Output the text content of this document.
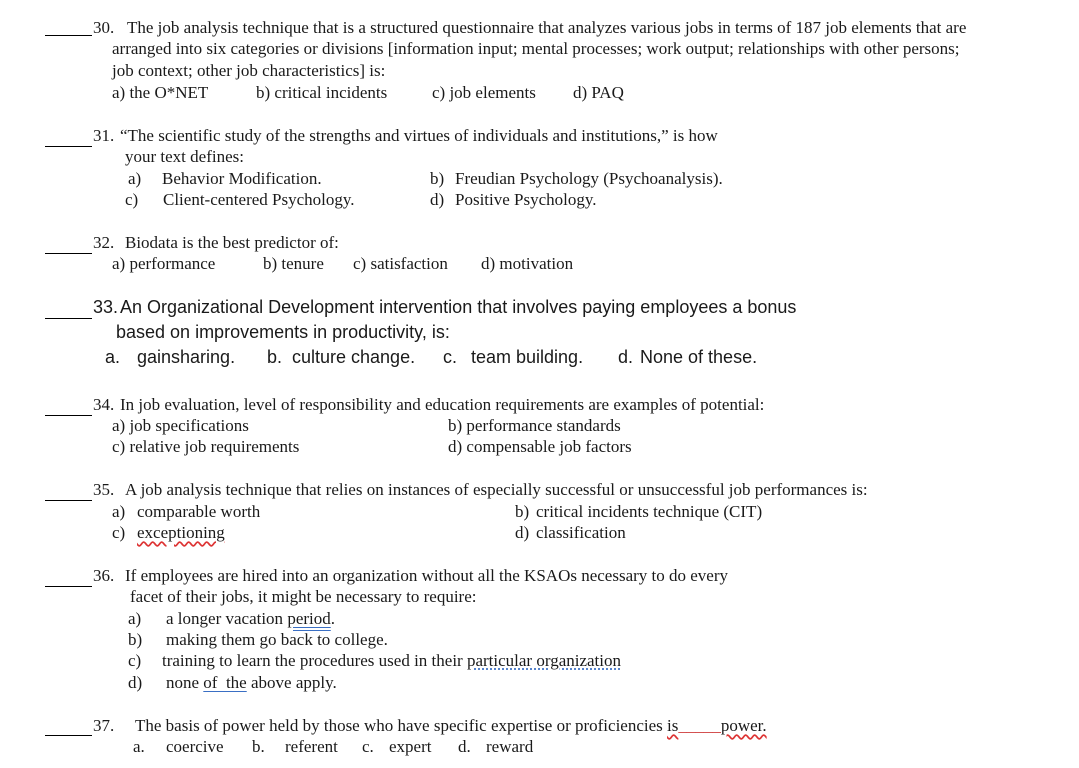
30. The job analysis technique that is a structured questionnaire that analyzes various jobs in terms of 187 job elements that are
arranged into six categories or divisions [information input; mental processes; work output; relationships with other persons;
job context; other job characteristics] is:
a) the O*NET	b) critical incidents	c) job elements d) PAQ
31. “The scientific study of the strengths and virtues of individuals and institutions,” is how
your text defines:
a) Behavior Modification.	b) Freudian Psychology (Psychoanalysis).
c) Client-centered Psychology.	d) Positive Psychology.
32. Biodata is the best predictor of:
a) performance	b) tenure c) satisfaction d) motivation
33. An Organizational Development intervention that involves paying employees a bonus
based on improvements in productivity, is:
a. gainsharing. b. culture change. c. team building. d. None of these.
34. In job evaluation, level of responsibility and education requirements are examples of potential:
a) job specifications	b) performance standards
c) relative job requirements	d) compensable job factors
35. A job analysis technique that relies on instances of especially successful or unsuccessful job performances is:
a) comparable worth	b) critical incidents technique (CIT)
c) exceptioning	d) classification
36. If employees are hired into an organization without all the KSAOs necessary to do every
facet of their jobs, it might be necessary to require:
a) a longer vacation period.
b) making them go back to college.
c) training to learn the procedures used in their particular organization
d) none of  the above apply.
37. The basis of power held by those who have specific expertise or proficiencies is_____power.
a. coercive b. referent c. expert d. reward
